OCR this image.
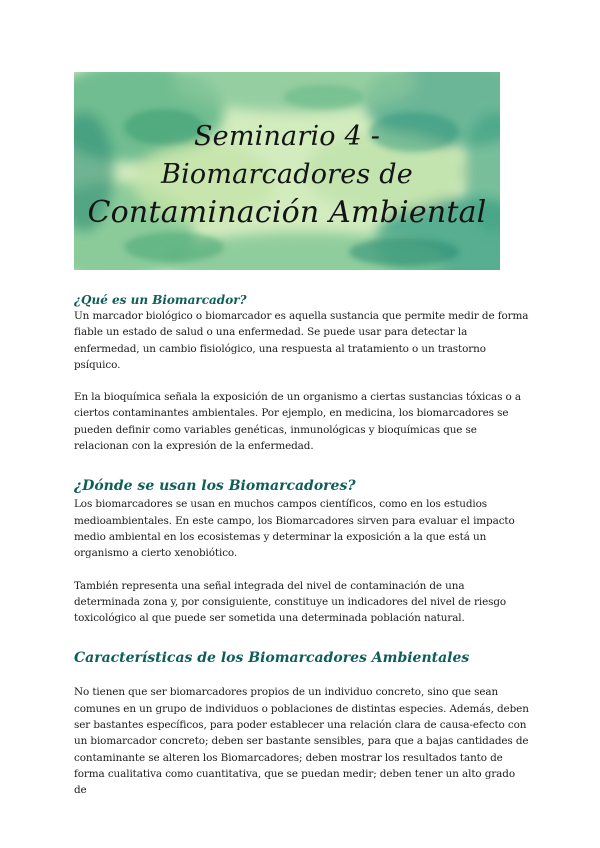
Seminario 4 -
Biomarcadores de
Contaminación Ambiental
¿Qué es un Biomarcador?

Un marcador biológico o biomarcador es aquella sustancia que permite medir de forma fiable un estado de salud o una enfermedad. Se puede usar para detectar la enfermedad, un cambio fisiológico, una respuesta al tratamiento o un trastorno psíquico.

En la bioquímica señala la exposición de un organismo a ciertas sustancias tóxicas o a ciertos contaminantes ambientales. Por ejemplo, en medicina, los biomarcadores se pueden definir como variables genéticas, inmunológicas y bioquímicas que se relacionan con la expresión de la enfermedad.

¿Dónde se usan los Biomarcadores?

Los biomarcadores se usan en muchos campos científicos, como en los estudios medioambientales. En este campo, los Biomarcadores sirven para evaluar el impacto medio ambiental en los ecosistemas y determinar la exposición a la que está un organismo a cierto xenobiótico.

También representa una señal integrada del nivel de contaminación de una determinada zona y, por consiguiente, constituye un indicadores del nivel de riesgo toxicológico al que puede ser sometida una determinada población natural.

Características de los Biomarcadores Ambientales

No tienen que ser biomarcadores propios de un individuo concreto, sino que sean comunes en un grupo de individuos o poblaciones de distintas especies. Además, deben ser bastantes específicos, para poder establecer una relación clara de causa-efecto con un biomarcador concreto; deben ser bastante sensibles, para que a bajas cantidades de contaminante se alteren los Biomarcadores; deben mostrar los resultados tanto de forma cualitativa como cuantitativa, que se puedan medir; deben tener un alto grado de
